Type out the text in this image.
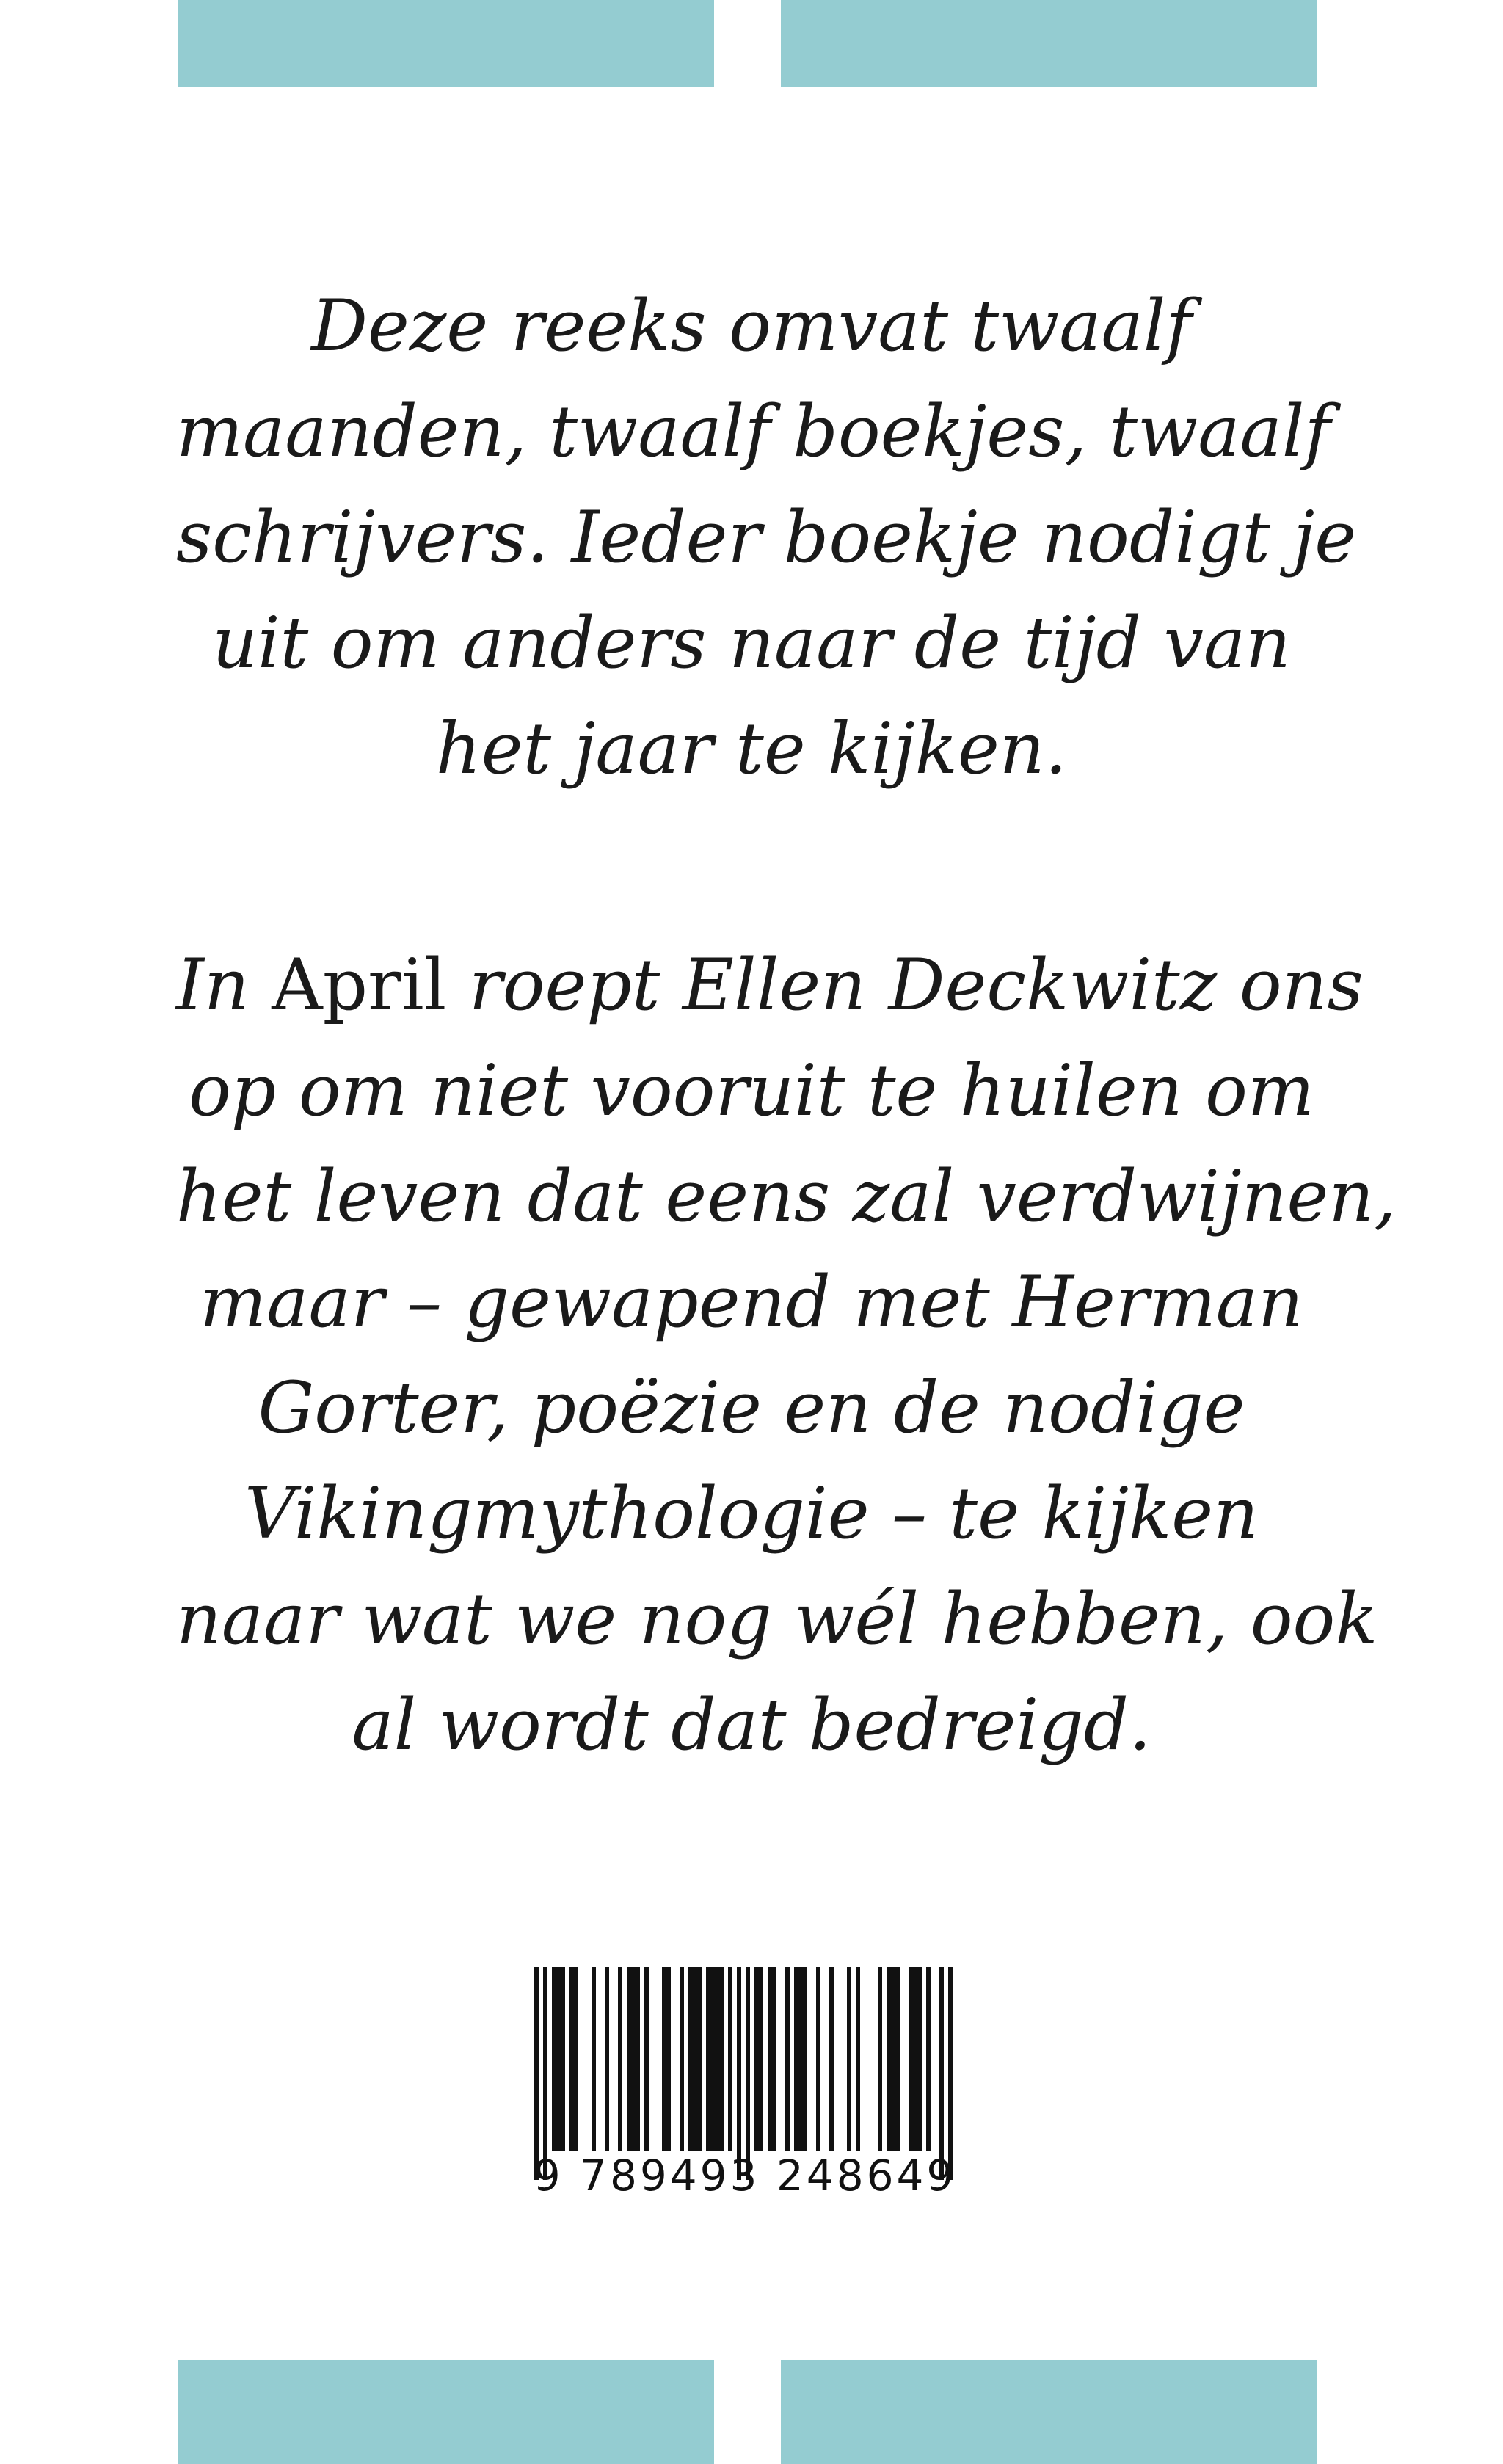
Deze reeks omvat twaalf
maanden, twaalf boekjes, twaalf
schrijvers. Ieder boekje nodigt je
uit om anders naar de tijd van
het jaar te kijken.
In April roept Ellen Deckwitz ons
op om niet vooruit te huilen om
het leven dat eens zal verdwijnen,
maar – gewapend met Herman
Gorter, poëzie en de nodige
Vikingmythologie – te kijken
naar wat we nog wél hebben, ook
al wordt dat bedreigd.
9 789493 248649
